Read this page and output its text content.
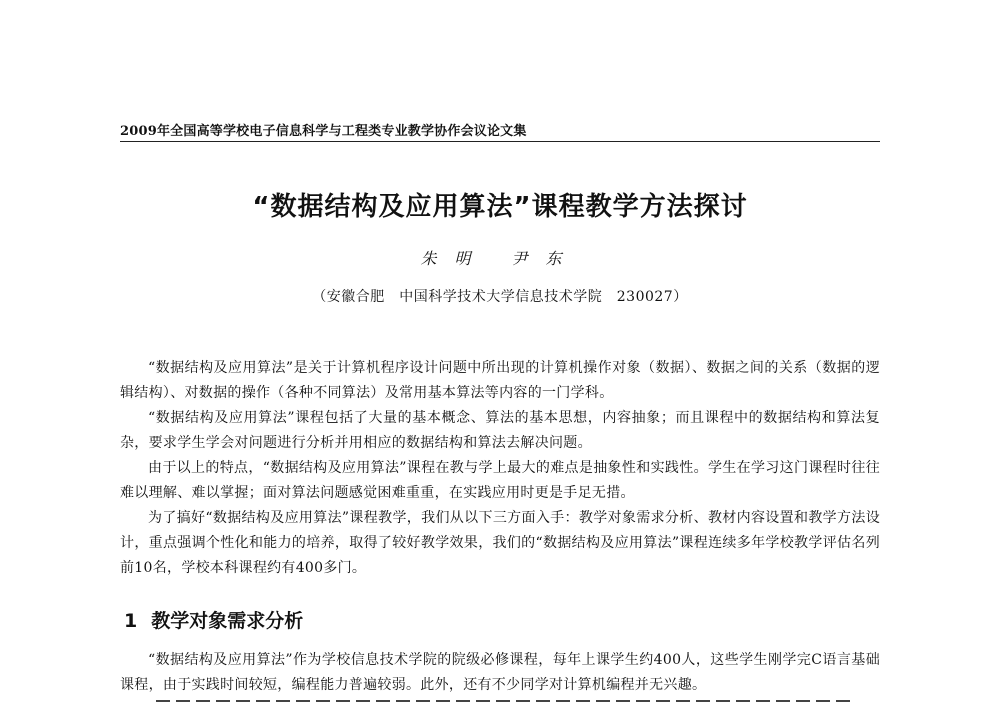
2009年全国高等学校电子信息科学与工程类专业教学协作会议论文集
“数据结构及应用算法”课程教学方法探讨
朱明 尹东
（安徽合肥　中国科学技术大学信息技术学院　230027）

“数据结构及应用算法”是关于计算机程序设计问题中所出现的计算机操作对象（数据）、数据之间的关系（数据的逻辑结构）、对数据的操作（各种不同算法）及常用基本算法等内容的一门学科。

“数据结构及应用算法”课程包括了大量的基本概念、算法的基本思想，内容抽象；而且课程中的数据结构和算法复杂，要求学生学会对问题进行分析并用相应的数据结构和算法去解决问题。

由于以上的特点，“数据结构及应用算法”课程在教与学上最大的难点是抽象性和实践性。学生在学习这门课程时往往难以理解、难以掌握；面对算法问题感觉困难重重，在实践应用时更是手足无措。

为了搞好“数据结构及应用算法”课程教学，我们从以下三方面入手：教学对象需求分析、教材内容设置和教学方法设计，重点强调个性化和能力的培养，取得了较好教学效果，我们的“数据结构及应用算法”课程连续多年学校教学评估名列前10名，学校本科课程约有400多门。

1 教学对象需求分析

“数据结构及应用算法”作为学校信息技术学院的院级必修课程，每年上课学生约400人，这些学生刚学完C语言基础课程，由于实践时间较短，编程能力普遍较弱。此外，还有不少同学对计算机编程并无兴趣。
